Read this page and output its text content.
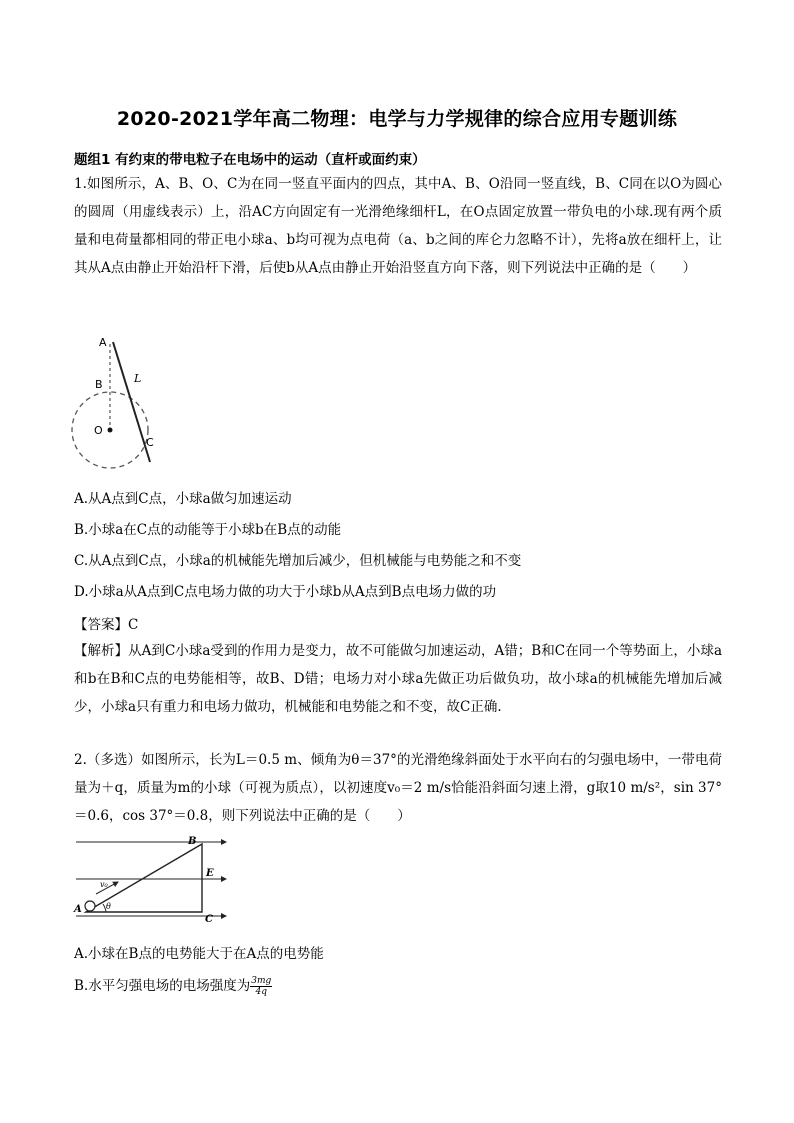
2020-2021学年高二物理：电学与力学规律的综合应用专题训练
题组1 有约束的带电粒子在电场中的运动（直杆或面约束）
1.如图所示，A、B、O、C为在同一竖直平面内的四点，其中A、B、O沿同一竖直线，B、C同在以O为圆心的圆周（用虚线表示）上，沿AC方向固定有一光滑绝缘细杆L，在O点固定放置一带负电的小球.现有两个质量和电荷量都相同的带正电小球a、b均可视为点电荷（a、b之间的库仑力忽略不计），先将a放在细杆上，让其从A点由静止开始沿杆下滑，后使b从A点由静止开始沿竖直方向下落，则下列说法中正确的是（　　）
A
B	L
O
C
A.从A点到C点，小球a做匀加速运动
B.小球a在C点的动能等于小球b在B点的动能
C.从A点到C点，小球a的机械能先增加后减少，但机械能与电势能之和不变
D.小球a从A点到C点电场力做的功大于小球b从A点到B点电场力做的功
【答案】C
【解析】从A到C小球a受到的作用力是变力，故不可能做匀加速运动，A错；B和C在同一个等势面上，小球a和b在B和C点的电势能相等，故B、D错；电场力对小球a先做正功后做负功，故小球a的机械能先增加后减少，小球a只有重力和电场力做功，机械能和电势能之和不变，故C正确.
2.（多选）如图所示，长为L＝0.5 m、倾角为θ＝37°的光滑绝缘斜面处于水平向右的匀强电场中，一带电荷量为＋q，质量为m的小球（可视为质点），以初速度v₀＝2 m/s恰能沿斜面匀速上滑，g取10 m/s²，sin 37°＝0.6，cos 37°＝0.8，则下列说法中正确的是（　　）
A
B
C
E
v₀
θ
A.小球在B点的电势能大于在A点的电势能
B.水平匀强电场的电场强度为 $\frac{3mg}{4q}$
